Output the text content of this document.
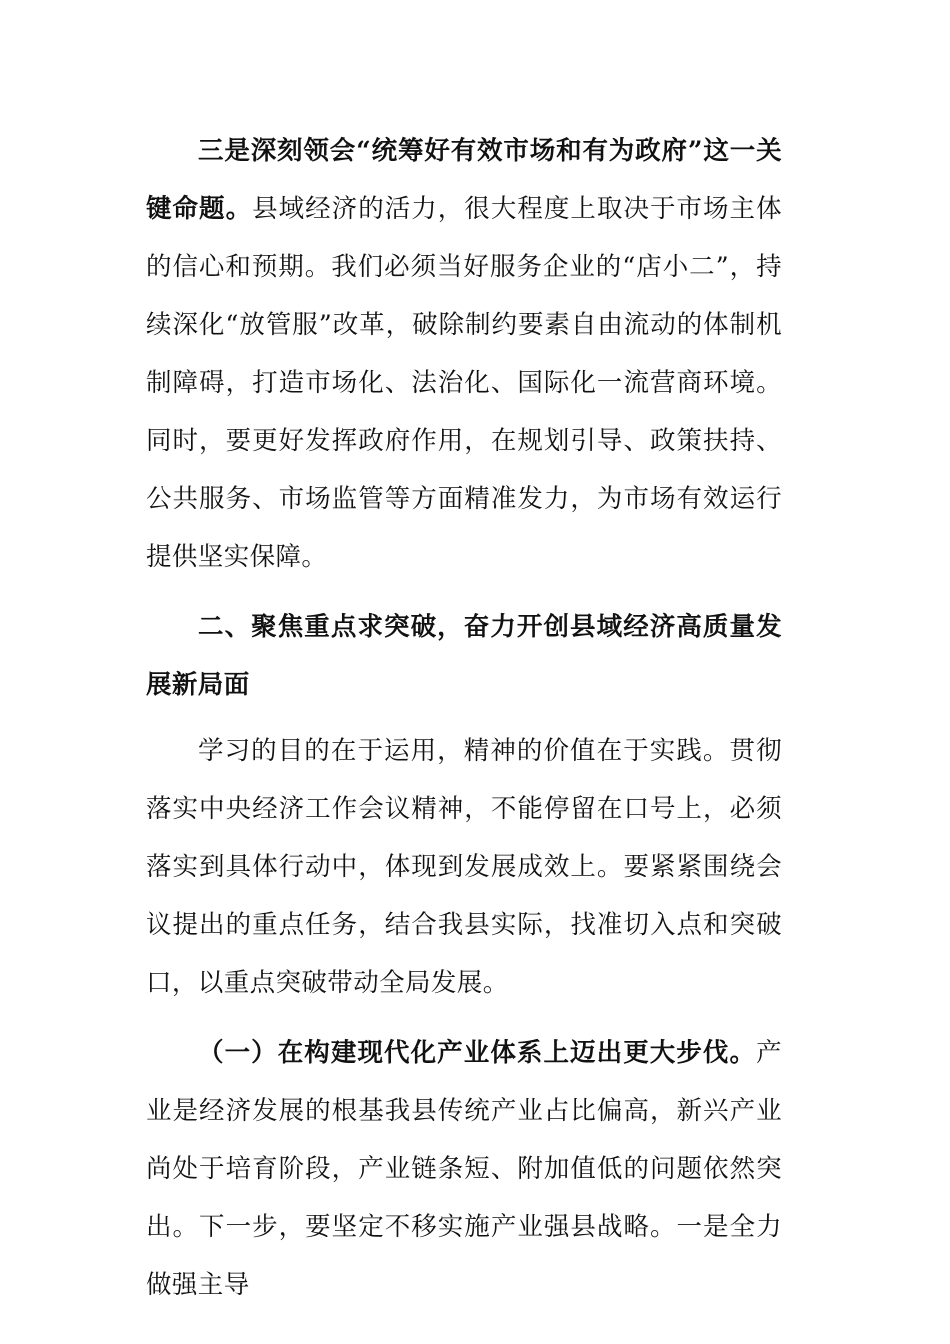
三是深刻领会“统筹好有效市场和有为政府”这一关键命题。县域经济的活力，很大程度上取决于市场主体的信心和预期。我们必须当好服务企业的“店小二”，持续深化“放管服”改革，破除制约要素自由流动的体制机制障碍，打造市场化、法治化、国际化一流营商环境。同时，要更好发挥政府作用，在规划引导、政策扶持、公共服务、市场监管等方面精准发力，为市场有效运行提供坚实保障。

二、聚焦重点求突破，奋力开创县域经济高质量发展新局面

学习的目的在于运用，精神的价值在于实践。贯彻落实中央经济工作会议精神，不能停留在口号上，必须落实到具体行动中，体现到发展成效上。要紧紧围绕会议提出的重点任务，结合我县实际，找准切入点和突破口，以重点突破带动全局发展。

（一）在构建现代化产业体系上迈出更大步伐。产业是经济发展的根基我县传统产业占比偏高，新兴产业尚处于培育阶段，产业链条短、附加值低的问题依然突出。下一步，要坚定不移实施产业强县战略。一是全力做强主导
